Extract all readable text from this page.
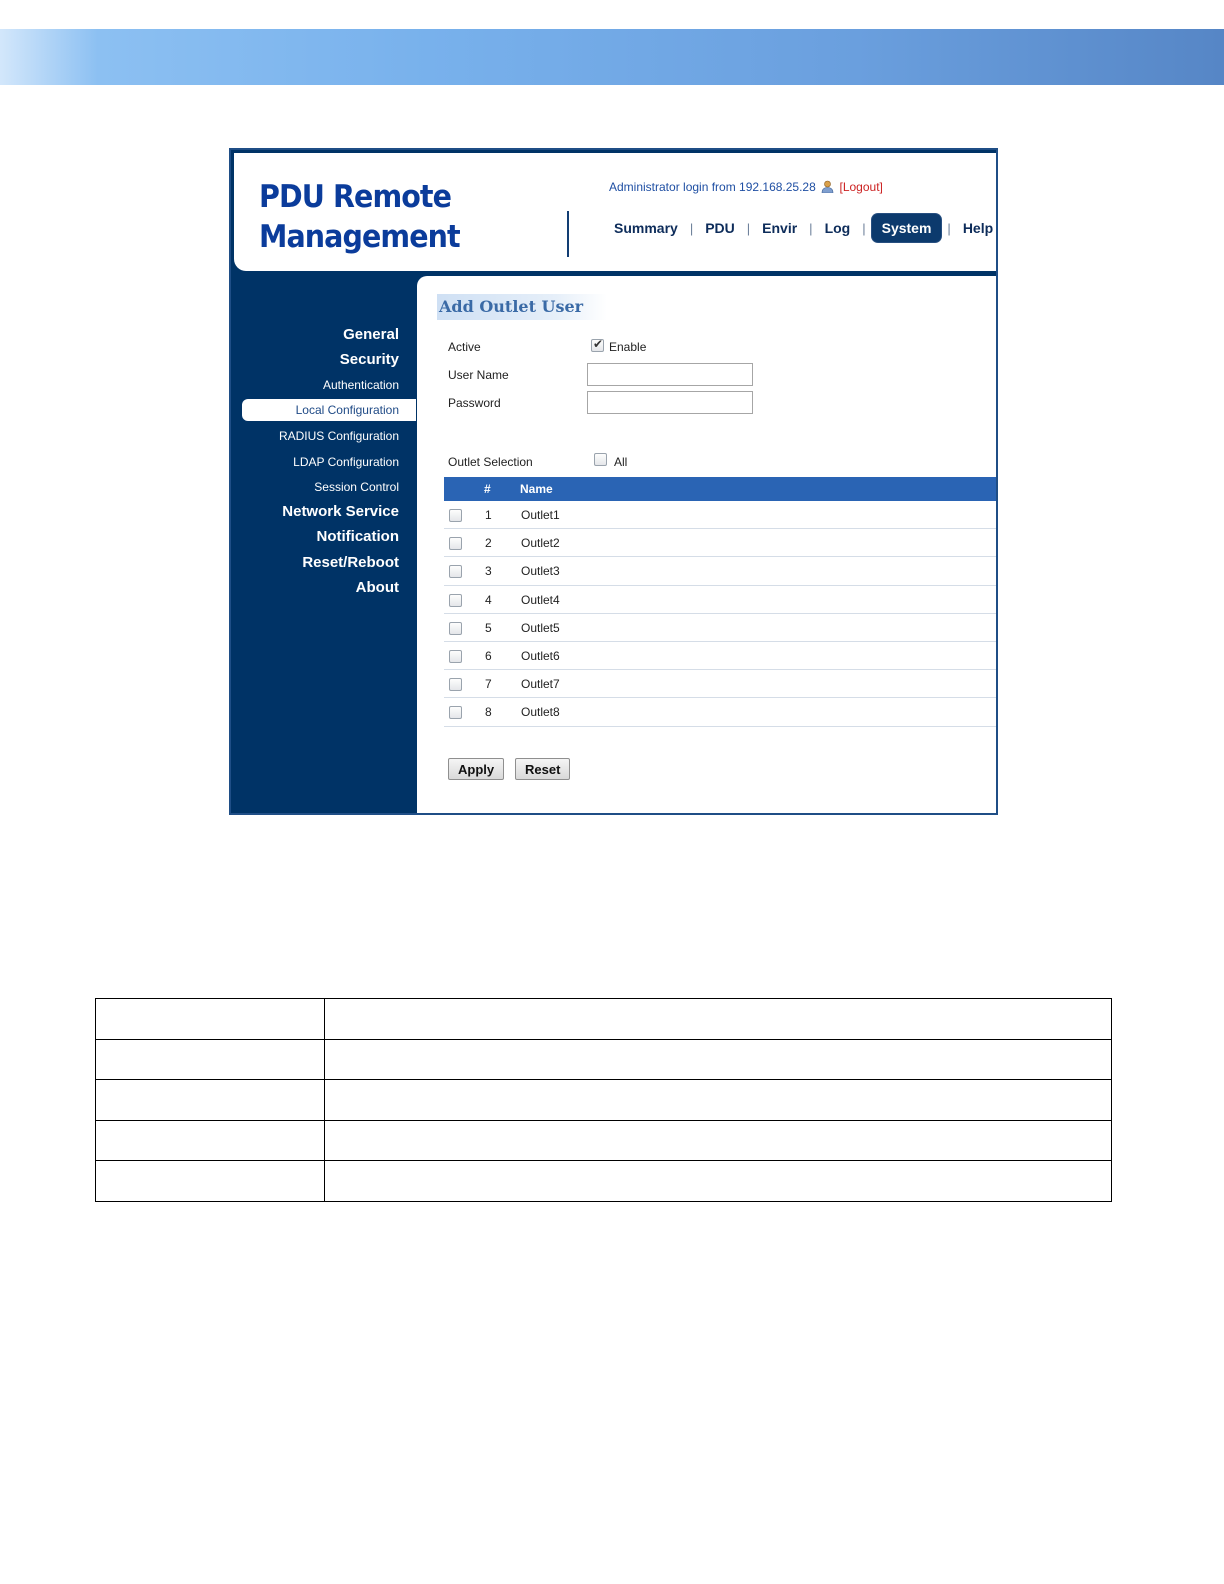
PDU Remote
Management
Administrator login from 192.168.25.28 [Logout]
Summary | PDU | Envir | Log |	System	| Help
General
Security
Authentication
Local Configuration
RADIUS Configuration
LDAP Configuration
Session Control
Network Service
Notification
Reset/Reboot
About
Add Outlet User
Active
✔	Enable
User Name
Password
Outlet Selection	All
# Name
1 Outlet1
2 Outlet2
3 Outlet3
4 Outlet4
5 Outlet5
6 Outlet6
7 Outlet7
8 Outlet8
Apply	Reset
